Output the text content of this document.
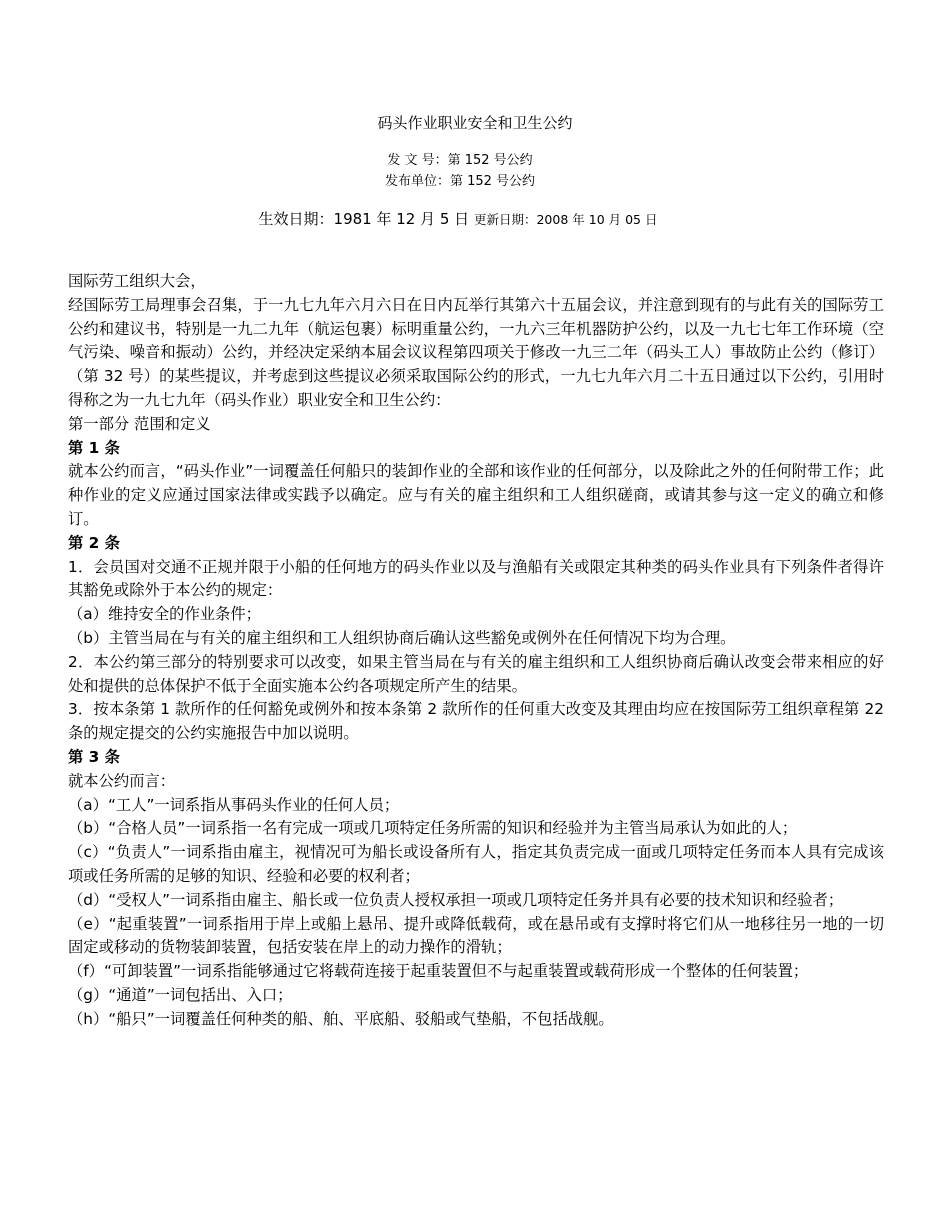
码头作业职业安全和卫生公约
发 文 号：第 152 号公约
发布单位：第 152 号公约
生效日期：1981 年 12 月 5 日 更新日期：2008 年 10 月 05 日

国际劳工组织大会，

经国际劳工局理事会召集，于一九七九年六月六日在日内瓦举行其第六十五届会议，并注意到现有的与此有关的国际劳工公约和建议书，特别是一九二九年（航运包裹）标明重量公约，一九六三年机器防护公约，以及一九七七年工作环境（空气污染、噪音和振动）公约，并经决定采纳本届会议议程第四项关于修改一九三二年（码头工人）事故防止公约（修订）（第 32 号）的某些提议，并考虑到这些提议必须采取国际公约的形式，一九七九年六月二十五日通过以下公约，引用时得称之为一九七九年（码头作业）职业安全和卫生公约：

第一部分 范围和定义

第 1 条

就本公约而言，“码头作业”一词覆盖任何船只的装卸作业的全部和该作业的任何部分，以及除此之外的任何附带工作；此种作业的定义应通过国家法律或实践予以确定。应与有关的雇主组织和工人组织磋商，或请其参与这一定义的确立和修订。

第 2 条

1．会员国对交通不正规并限于小船的任何地方的码头作业以及与渔船有关或限定其种类的码头作业具有下列条件者得许其豁免或除外于本公约的规定：

（a）维持安全的作业条件；

（b）主管当局在与有关的雇主组织和工人组织协商后确认这些豁免或例外在任何情况下均为合理。

2．本公约第三部分的特别要求可以改变，如果主管当局在与有关的雇主组织和工人组织协商后确认改变会带来相应的好处和提供的总体保护不低于全面实施本公约各项规定所产生的结果。

3．按本条第 1 款所作的任何豁免或例外和按本条第 2 款所作的任何重大改变及其理由均应在按国际劳工组织章程第 22 条的规定提交的公约实施报告中加以说明。

第 3 条

就本公约而言：

（a）“工人”一词系指从事码头作业的任何人员；

（b）“合格人员”一词系指一名有完成一项或几项特定任务所需的知识和经验并为主管当局承认为如此的人；

（c）“负责人”一词系指由雇主，视情况可为船长或设备所有人，指定其负责完成一面或几项特定任务而本人具有完成该项或任务所需的足够的知识、经验和必要的权利者；

（d）“受权人”一词系指由雇主、船长或一位负责人授权承担一项或几项特定任务并具有必要的技术知识和经验者；

（e）“起重装置”一词系指用于岸上或船上悬吊、提升或降低载荷，或在悬吊或有支撑时将它们从一地移往另一地的一切固定或移动的货物装卸装置，包括安装在岸上的动力操作的滑轨；

（f）“可卸装置”一词系指能够通过它将载荷连接于起重装置但不与起重装置或载荷形成一个整体的任何装置；

（g）“通道”一词包括出、入口；

（h）“船只”一词覆盖任何种类的船、舶、平底船、驳船或气垫船，不包括战舰。
